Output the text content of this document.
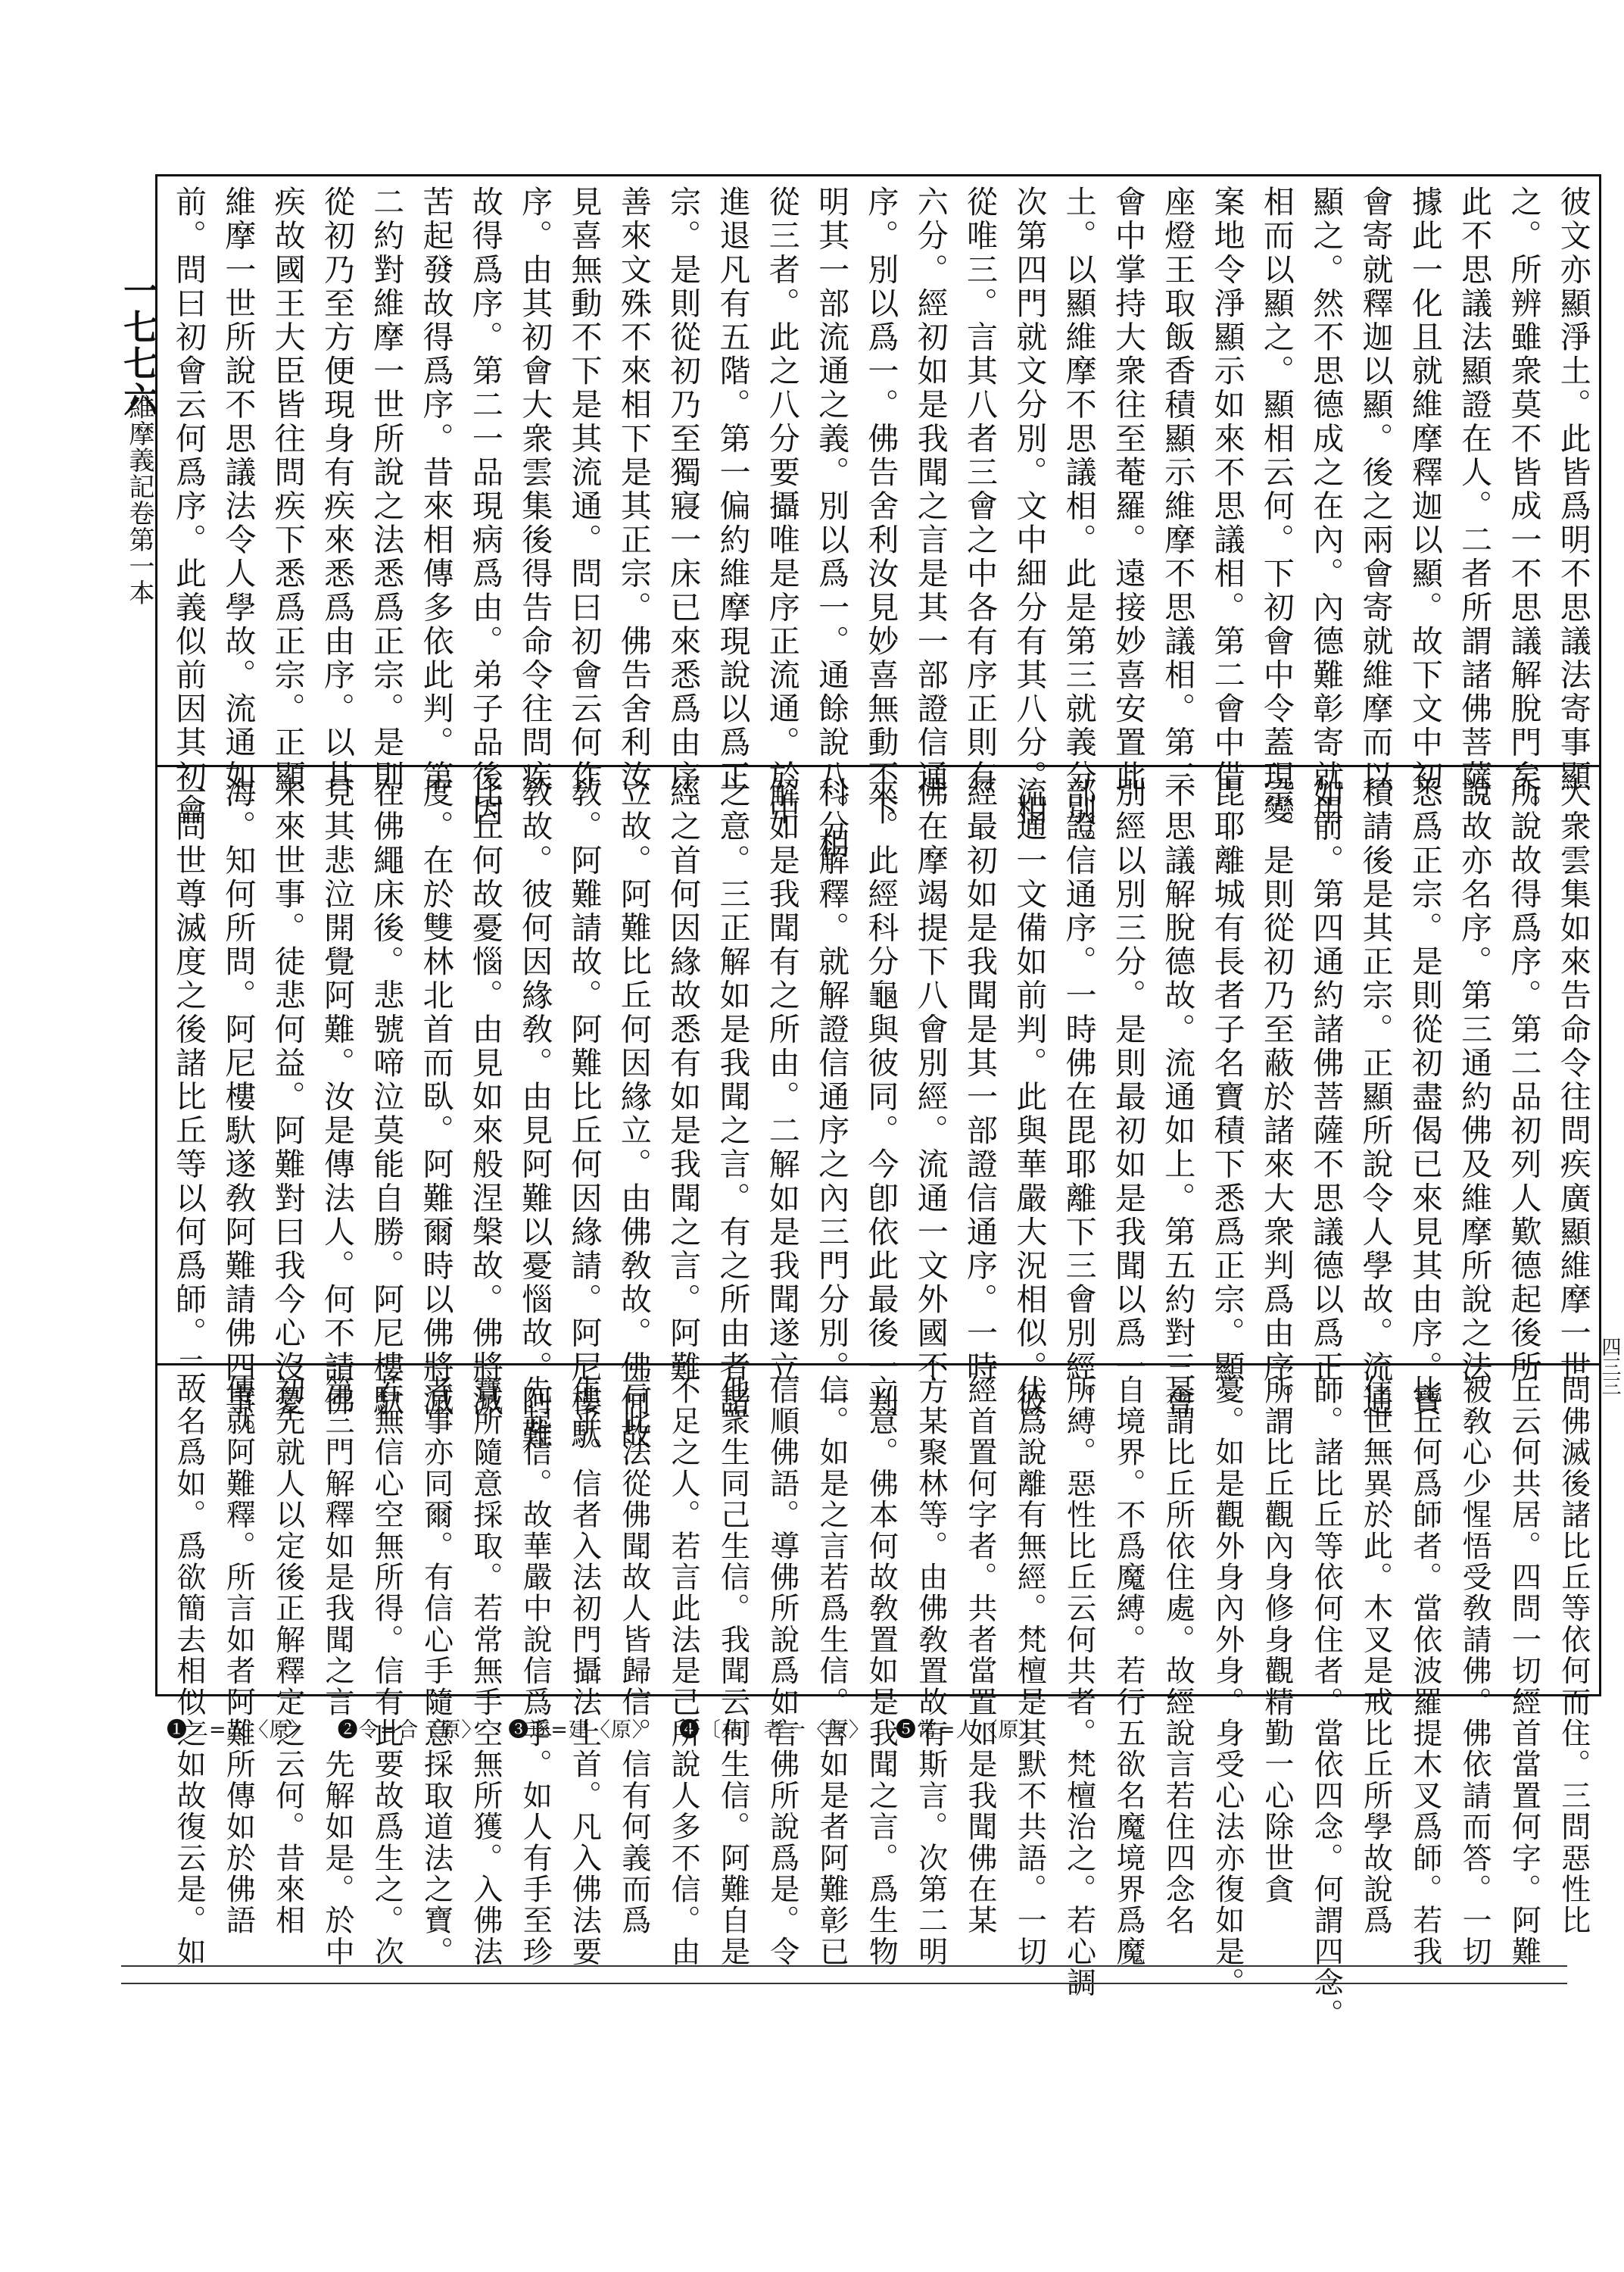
一七七六
維摩義記卷第一本
四三三
彼文亦顯淨土。此皆爲明不思議法寄事顯
之。所辨雖衆莫不皆成一不思議解脫門矣。
此不思議法顯證在人。二者所謂諸佛菩薩。
據此一化且就維摩釋迦以顯。故下文中初
會寄就釋迦以顯。後之兩會寄就維摩而以
顯之。然不思德成之在內。內德難彰寄就用
相而以顯之。顯相云何。下初會中令蓋現變
案地令淨顯示如來不思議相。第二會中借
座燈王取飯香積顯示維摩不思議相。第三
會中掌持大衆往至菴羅。遠接妙喜安置此
土。以顯維摩不思議相。此是第三就義分別。
次第四門就文分別。文中細分有其八分。相
從唯三。言其八者三會之中各有序正則有
六分。經初如是我聞之言是其一部證信通
序。別以爲一。佛告舍利汝見妙喜無動不下
明其一部流通之義。別以爲一。通餘說八。相
從三者。此之八分要攝唯是序正流通。於中
進退凡有五階。第一偏約維摩現說以爲正
宗。是則從初乃至獨寢一床已來悉爲由序。
善來文殊不來相下是其正宗。佛告舍利汝
見喜無動不下是其流通。問曰初會云何作
序。由其初會大衆雲集後得告命令往問疾
故得爲序。第二一品現病爲由。弟子品後因
苦起發故得爲序。昔來相傳多依此判。第
二約對維摩一世所說之法悉爲正宗。是則
從初乃至方便現身有疾來悉爲由序。以其
疾故國王大臣皆往問疾下悉爲正宗。正顯
維摩一世所說不思議法令人學故。流通如
前。問曰初會云何爲序。此義似前因其初會
大衆雲集如來告命令往問疾廣顯維摩一世
所說故得爲序。第二品初列人歎德起後所
說故亦名序。第三通約佛及維摩所說之法
悉爲正宗。是則從初盡偈已來見其由序。寶
積請後是其正宗。正顯所說令人學故。流通
如前。第四通約諸佛菩薩不思議德以爲正
宗。是則從初乃至蔽於諸來大衆判爲由序。
毘耶離城有長者子名寶積下悉爲正宗。顯
不思議解脫德故。流通如上。第五約對三會
別經以別三分。是則最初如是我聞以爲一
部證信通序。一時佛在毘耶離下三會別經。
流通一文備如前判。此與華嚴大況相似。彼
經最初如是我聞是其一部證信通序。一時
佛在摩竭提下八會別經。流通一文外國不
來。此經科分龜與彼同。今卽依此最後一判
科分解釋。就解證信通序之內三門分別。一
解如是我聞有之所由。二解如是我聞遂立
之意。三正解如是我聞之言。有之所由者諸
經之首何因緣故悉有如是我聞之言。阿難
立故。阿難比丘何因緣立。由佛敎故。佛何故
敎。阿難請故。阿難比丘何因緣請。阿尼樓馱
敎故。彼何因緣敎。由見阿難以憂惱故。阿難
比丘何故憂惱。由見如來般涅槃故。佛將滅
度。在於雙林北首而臥。阿難爾時以佛將滅
在佛繩床後。悲號啼泣莫能自勝。阿尼樓馱
見其悲泣開覺阿難。汝是傳法人。何不請佛
未來世事。徒悲何益。阿難對曰我今心沒憂
海。知何所問。阿尼樓馱遂敎阿難請佛四事。
一問世尊滅度之後諸比丘等以何爲師。二
問佛滅後諸比丘等依何而住。三問惡性比
丘云何共居。四問一切經首當置何字。阿難
被敎心少惺悟受敎請佛。佛依請而答。一切
比丘何爲師者。當依波羅提木叉爲師。若我
住世無異於此。木叉是戒比丘所學故說爲
師。諸比丘等依何住者。當依四念。何謂四念。
所謂比丘觀內身修身觀精勤一心除世貪
憂。如是觀外身內外身。身受心法亦復如是。
是謂比丘所依住處。故經說言若住四念名
自境界。不爲魔縛。若行五欲名魔境界爲魔
所縛。惡性比丘云何共者。梵檀治之。若心調
伏爲說離有無經。梵檀是其默不共語。一切
經首置何字者。共者當置如是我聞佛在某
方某聚林等。由佛敎置故有斯言。次第二明
立意。佛本何故敎置如是我聞之言。爲生物
信。如是之言若爲生信。言如是者阿難彰已
信順佛語。導佛所說爲如言佛所說爲是。令
他衆生同己生信。我聞云何生信。阿難自是
不足之人。若言此法是己所說人多不信。由
言此法從佛聞故人皆歸信。信有何義而爲
生乎。信者入法初門攝法上首。凡入佛法要
先起信。故華嚴中說信爲手。如人有手至珍
寶所隨意採取。若常無手空無所獲。入佛法
者事亦同爾。有信心手隨意採取道法之寶。
若無信心空無所得。信有此要故爲生之。次
第三門解釋如是我聞之言。先解如是。於中
初先就人以定後正解釋定之云何。昔來相
傳就阿難釋。所言如者阿難所傳如於佛語
故名爲如。爲欲簡去相似之如故復云是。如
❶二=人〈原〉 ❷令=合〈原〉 ❸遂=建〈原〉 ❹〔共〕者一〈原〉 ❺常=人〈原〉
